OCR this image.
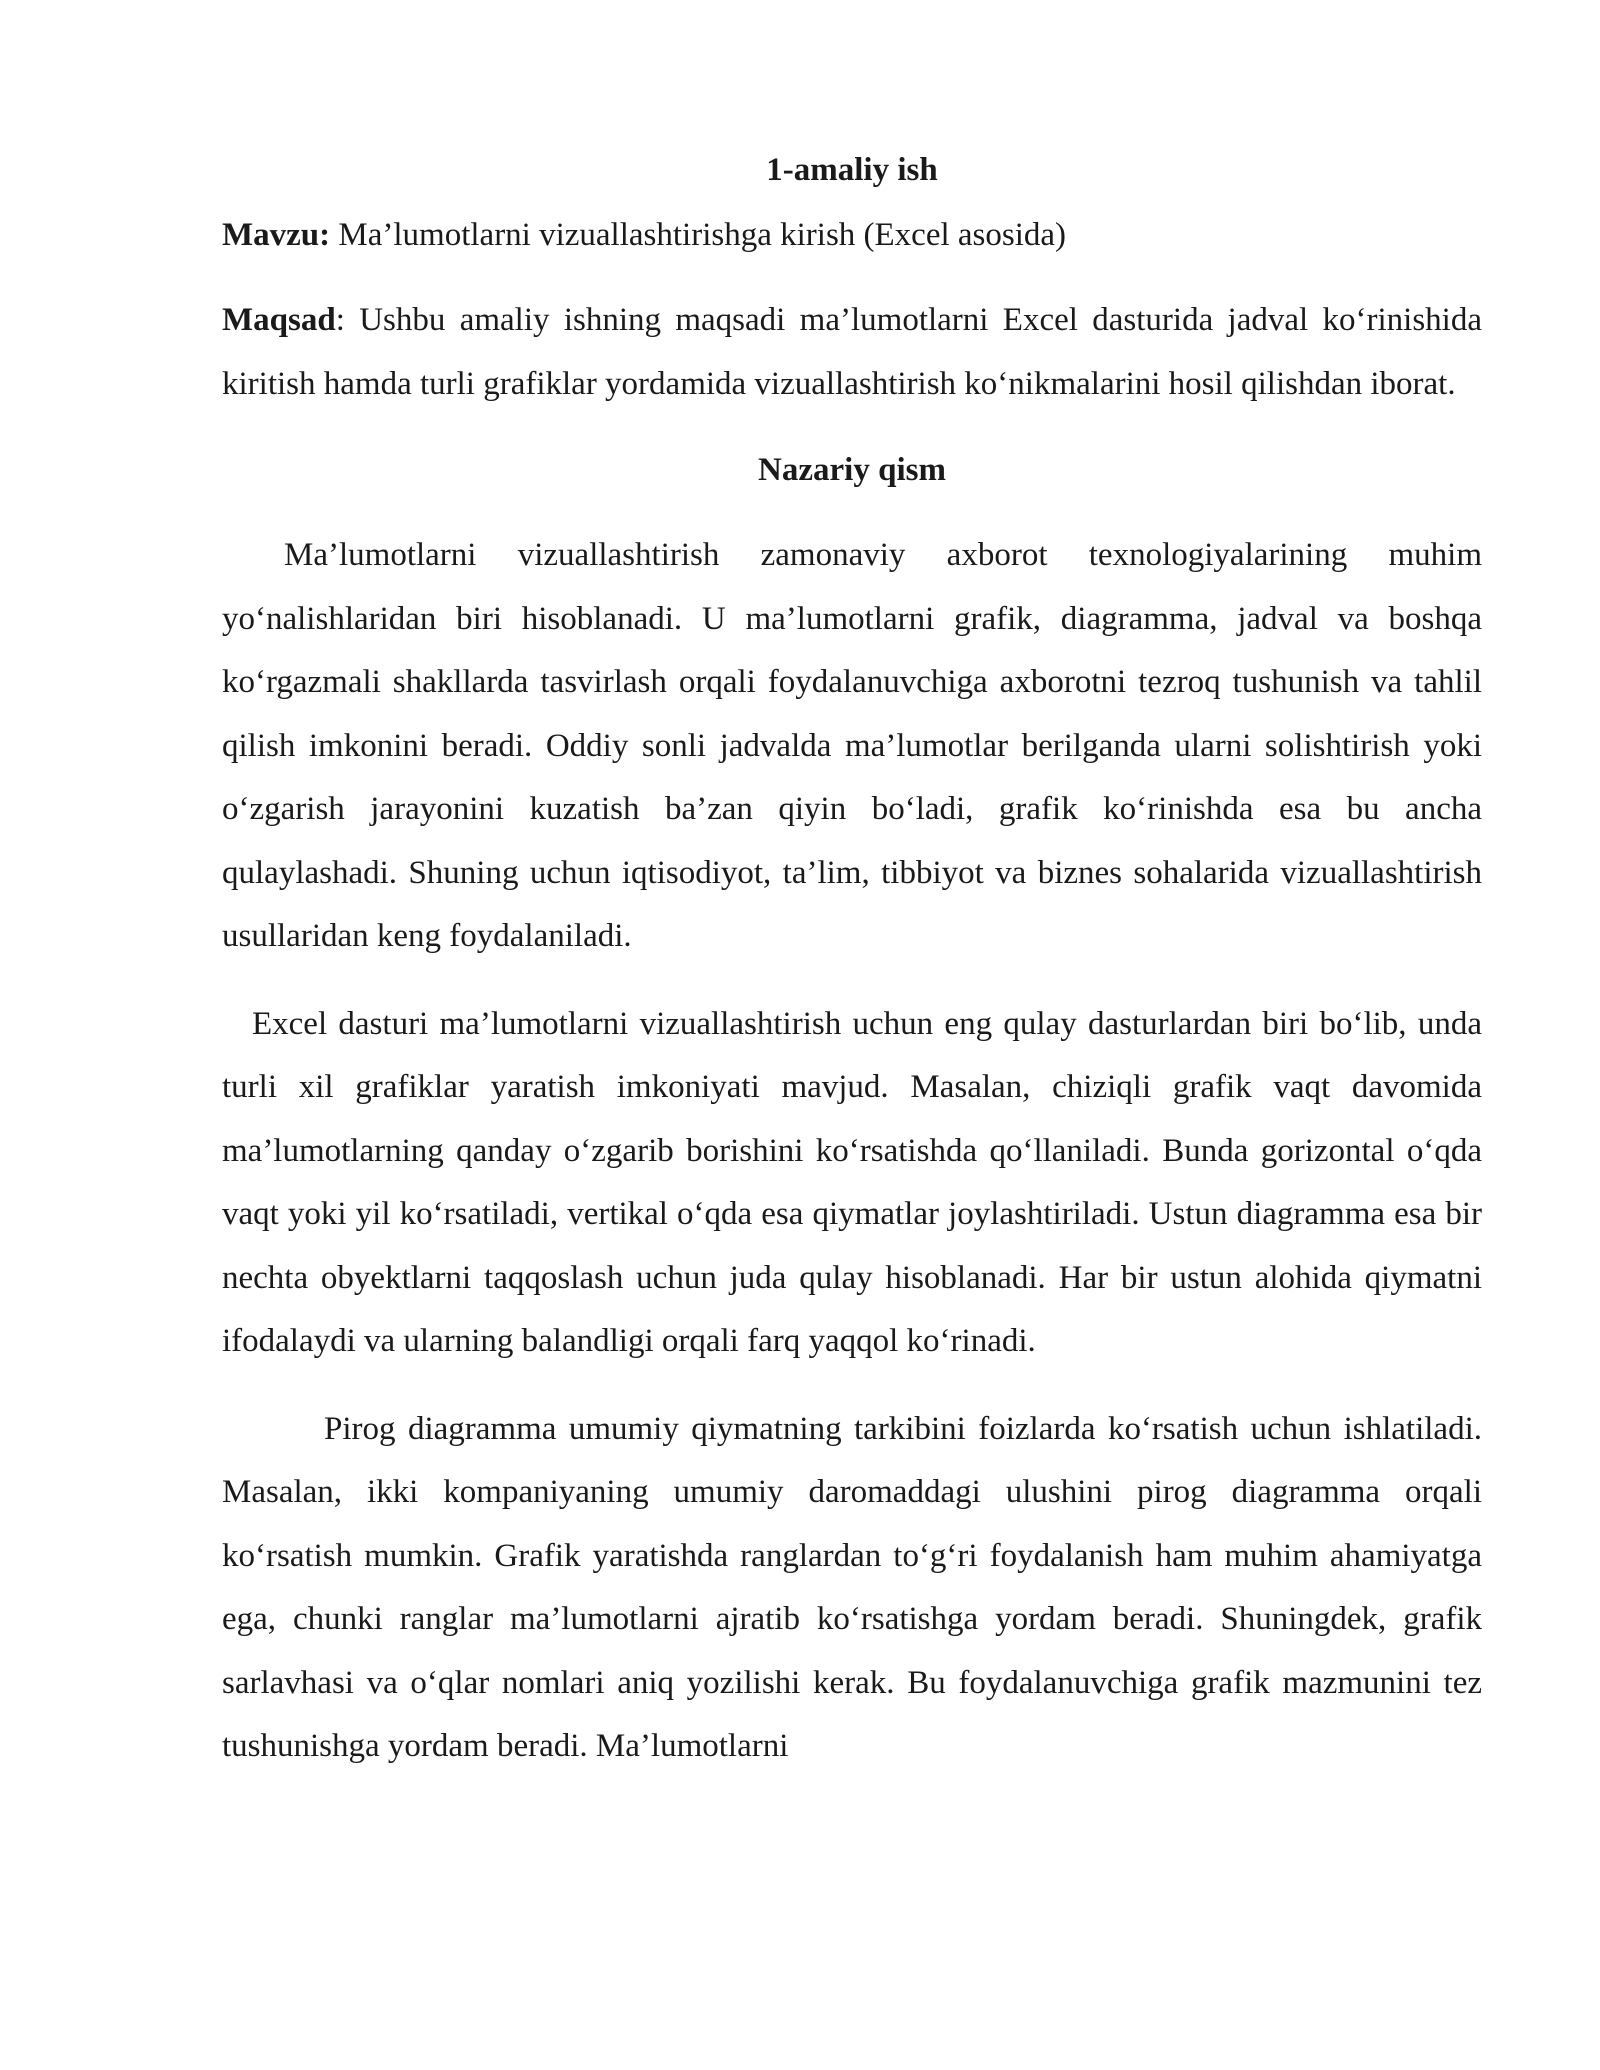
1-amaliy ish

Mavzu: Ma’lumotlarni vizuallashtirishga kirish (Excel asosida)

Maqsad: Ushbu amaliy ishning maqsadi ma’lumotlarni Excel dasturida jadval ko‘rinishida kiritish hamda turli grafiklar yordamida vizuallashtirish ko‘nikmalarini hosil qilishdan iborat.

Nazariy qism

Ma’lumotlarni vizuallashtirish zamonaviy axborot texnologiyalarining muhim yo‘nalishlaridan biri hisoblanadi. U ma’lumotlarni grafik, diagramma, jadval va boshqa ko‘rgazmali shakllarda tasvirlash orqali foydalanuvchiga axborotni tezroq tushunish va tahlil qilish imkonini beradi. Oddiy sonli jadvalda ma’lumotlar berilganda ularni solishtirish yoki o‘zgarish jarayonini kuzatish ba’zan qiyin bo‘ladi, grafik ko‘rinishda esa bu ancha qulaylashadi. Shuning uchun iqtisodiyot, ta’lim, tibbiyot va biznes sohalarida vizuallashtirish usullaridan keng foydalaniladi.

Excel dasturi ma’lumotlarni vizuallashtirish uchun eng qulay dasturlardan biri bo‘lib, unda turli xil grafiklar yaratish imkoniyati mavjud. Masalan, chiziqli grafik vaqt davomida ma’lumotlarning qanday o‘zgarib borishini ko‘rsatishda qo‘llaniladi. Bunda gorizontal o‘qda vaqt yoki yil ko‘rsatiladi, vertikal o‘qda esa qiymatlar joylashtiriladi. Ustun diagramma esa bir nechta obyektlarni taqqoslash uchun juda qulay hisoblanadi. Har bir ustun alohida qiymatni ifodalaydi va ularning balandligi orqali farq yaqqol ko‘rinadi.

Pirog diagramma umumiy qiymatning tarkibini foizlarda ko‘rsatish uchun ishlatiladi. Masalan, ikki kompaniyaning umumiy daromaddagi ulushini pirog diagramma orqali ko‘rsatish mumkin. Grafik yaratishda ranglardan to‘g‘ri foydalanish ham muhim ahamiyatga ega, chunki ranglar ma’lumotlarni ajratib ko‘rsatishga yordam beradi. Shuningdek, grafik sarlavhasi va o‘qlar nomlari aniq yozilishi kerak. Bu foydalanuvchiga grafik mazmunini tez tushunishga yordam beradi. Ma’lumotlarni
